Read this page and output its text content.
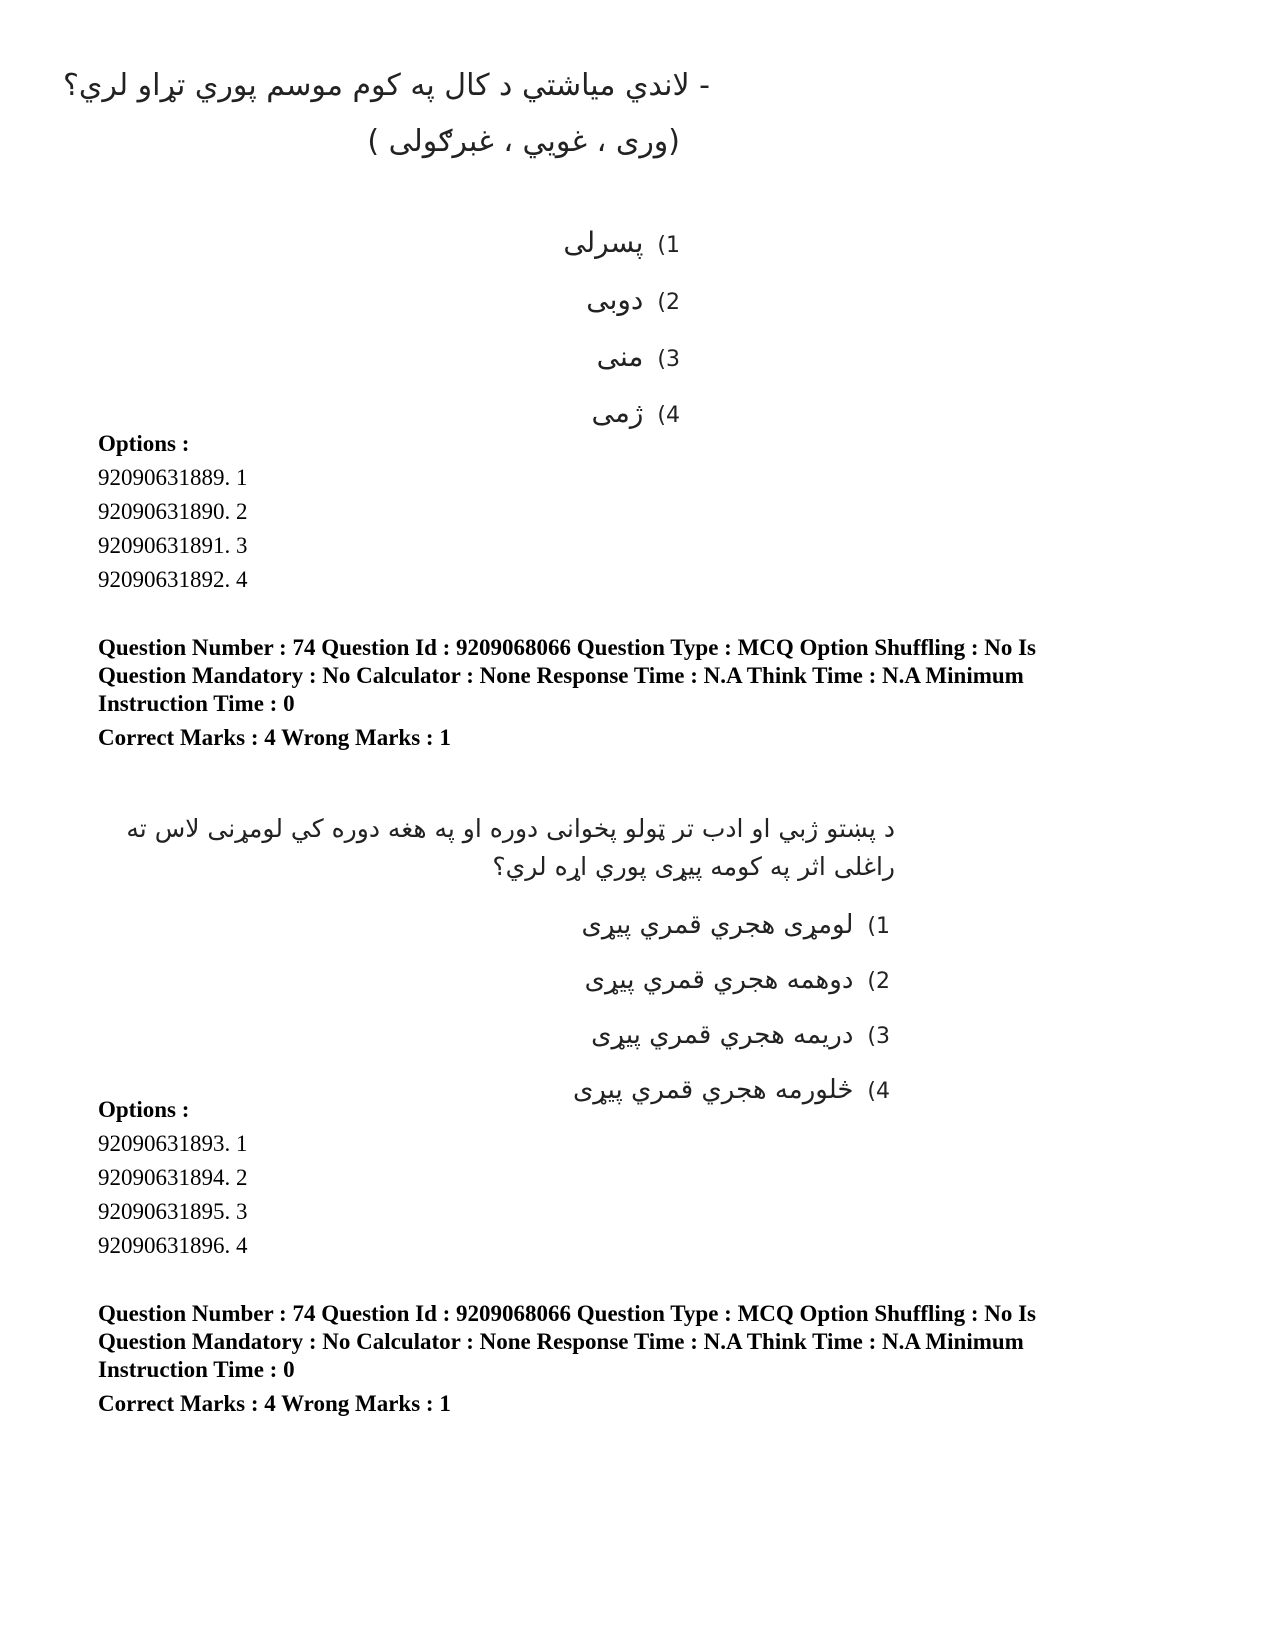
- لاندي مياشتي د کال په کوم موسم پوري تړاو لري؟
(ورى ، غويي ، غبرګولى )
1)پسرلى
2)دوبى
3)منى
4)ژمى
Options :
92090631889. 1
92090631890. 2
92090631891. 3
92090631892. 4
Question Number : 74 Question Id : 9209068066 Question Type : MCQ Option Shuffling : No Is
Question Mandatory : No Calculator : None Response Time : N.A Think Time : N.A Minimum
Instruction Time : 0
Correct Marks : 4 Wrong Marks : 1
د پښتو ژبي او ادب تر ټولو پخوانى دوره او په هغه دوره کي لومړنى لاس ته
راغلى اثر په کومه پيړى پوري اړه لري؟
1)لومړى هجري قمري پيړى
2)دوهمه هجري قمري پيړى
3)دريمه هجري قمري پيړى
4)څلورمه هجري قمري پيړى
Options :
92090631893. 1
92090631894. 2
92090631895. 3
92090631896. 4
Question Number : 74 Question Id : 9209068066 Question Type : MCQ Option Shuffling : No Is
Question Mandatory : No Calculator : None Response Time : N.A Think Time : N.A Minimum
Instruction Time : 0
Correct Marks : 4 Wrong Marks : 1
